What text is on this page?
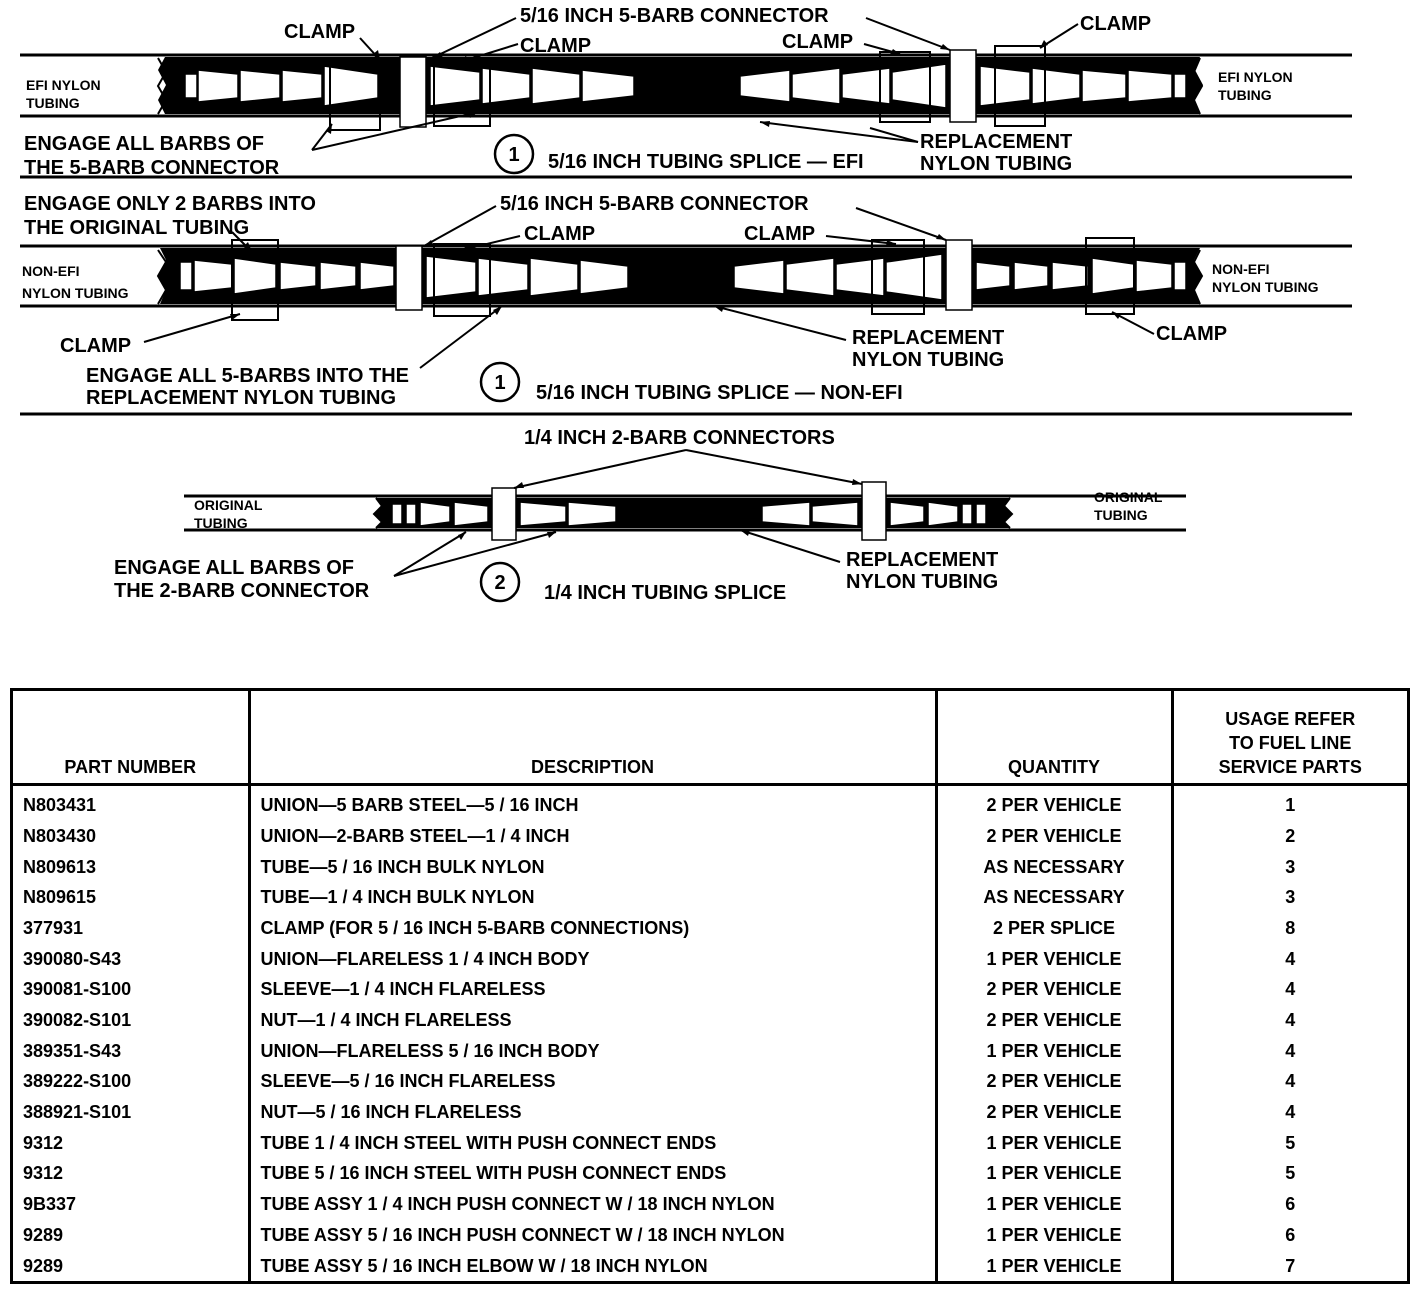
EFI NYLON
TUBING
EFI NYLON
TUBING
CLAMP
5/16 INCH 5-BARB CONNECTOR
CLAMP	CLAMP
CLAMP
ENGAGE ALL BARBS OF
THE 5-BARB CONNECTOR
REPLACEMENT
NYLON TUBING
1 5/16 INCH TUBING SPLICE — EFI
NON-EFI
NYLON TUBING
NON-EFI
NYLON TUBING
ENGAGE ONLY 2 BARBS INTO
THE ORIGINAL TUBING
5/16 INCH 5-BARB CONNECTOR
CLAMP	CLAMP
CLAMP
CLAMP
REPLACEMENT
NYLON TUBING
ENGAGE ALL 5-BARBS INTO THE
REPLACEMENT NYLON TUBING
1 5/16 INCH TUBING SPLICE — NON-EFI
ORIGINAL
TUBING
ORIGINAL
TUBING
1/4 INCH 2-BARB CONNECTORS
ENGAGE ALL BARBS OF
THE 2-BARB CONNECTOR
REPLACEMENT
NYLON TUBING
2 1/4 INCH TUBING SPLICE
PART NUMBER	DESCRIPTION	QUANTITY	USAGE REFER
TO FUEL LINE
SERVICE PARTS

N803431	UNION—5 BARB STEEL—5 / 16 INCH	2 PER VEHICLE	1
N803430	UNION—2-BARB STEEL—1 / 4 INCH	2 PER VEHICLE	2
N809613	TUBE—5 / 16 INCH BULK NYLON	AS NECESSARY	3
N809615	TUBE—1 / 4 INCH BULK NYLON	AS NECESSARY	3
377931	CLAMP (FOR 5 / 16 INCH 5-BARB CONNECTIONS)	2 PER SPLICE	8
390080-S43	UNION—FLARELESS 1 / 4 INCH BODY	1 PER VEHICLE	4
390081-S100	SLEEVE—1 / 4 INCH FLARELESS	2 PER VEHICLE	4
390082-S101	NUT—1 / 4 INCH FLARELESS	2 PER VEHICLE	4
389351-S43	UNION—FLARELESS 5 / 16 INCH BODY	1 PER VEHICLE	4
389222-S100	SLEEVE—5 / 16 INCH FLARELESS	2 PER VEHICLE	4
388921-S101	NUT—5 / 16 INCH FLARELESS	2 PER VEHICLE	4
9312	TUBE 1 / 4 INCH STEEL WITH PUSH CONNECT ENDS	1 PER VEHICLE	5
9312	TUBE 5 / 16 INCH STEEL WITH PUSH CONNECT ENDS	1 PER VEHICLE	5
9B337	TUBE ASSY 1 / 4 INCH PUSH CONNECT W / 18 INCH NYLON	1 PER VEHICLE	6
9289	TUBE ASSY 5 / 16 INCH PUSH CONNECT W / 18 INCH NYLON	1 PER VEHICLE	6
9289	TUBE ASSY 5 / 16 INCH ELBOW W / 18 INCH NYLON	1 PER VEHICLE	7
